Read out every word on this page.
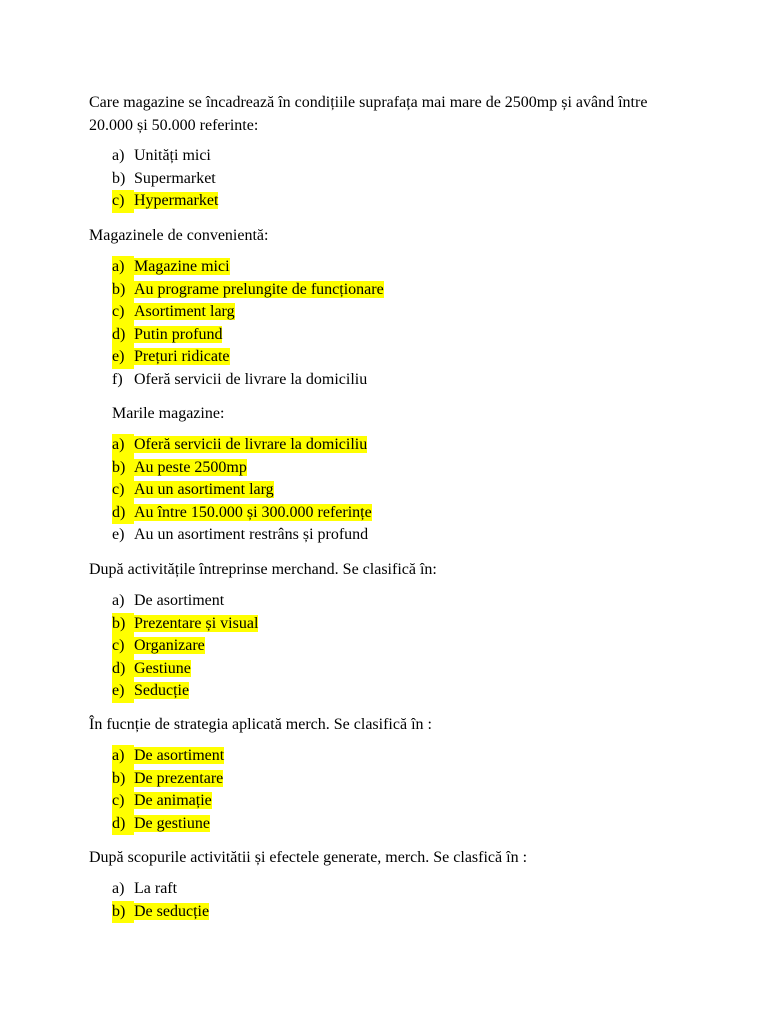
Care magazine se încadrează în condițiile suprafața mai mare de 2500mp și având între 20.000 și 50.000 referinte:

a) Unități mici
b) Supermarket
c) Hypermarket

Magazinele de convenientă:

a) Magazine mici
b) Au programe prelungite de funcționare
c) Asortiment larg
d) Putin profund
e) Prețuri ridicate
f) Oferă servicii de livrare la domiciliu

Marile magazine:

a) Oferă servicii de livrare la domiciliu
b) Au peste 2500mp
c) Au un asortiment larg
d) Au între 150.000 și 300.000 referințe
e) Au un asortiment restrâns și profund

După activitățile întreprinse merchand. Se clasifică în:

a) De asortiment
b) Prezentare și visual
c) Organizare
d) Gestiune
e) Seducție

În fucnție de strategia aplicată merch. Se clasifică în :

a) De asortiment
b) De prezentare
c) De animație
d) De gestiune

După scopurile activitătii și efectele generate, merch. Se clasfică în :

a) La raft
b) De seducție
